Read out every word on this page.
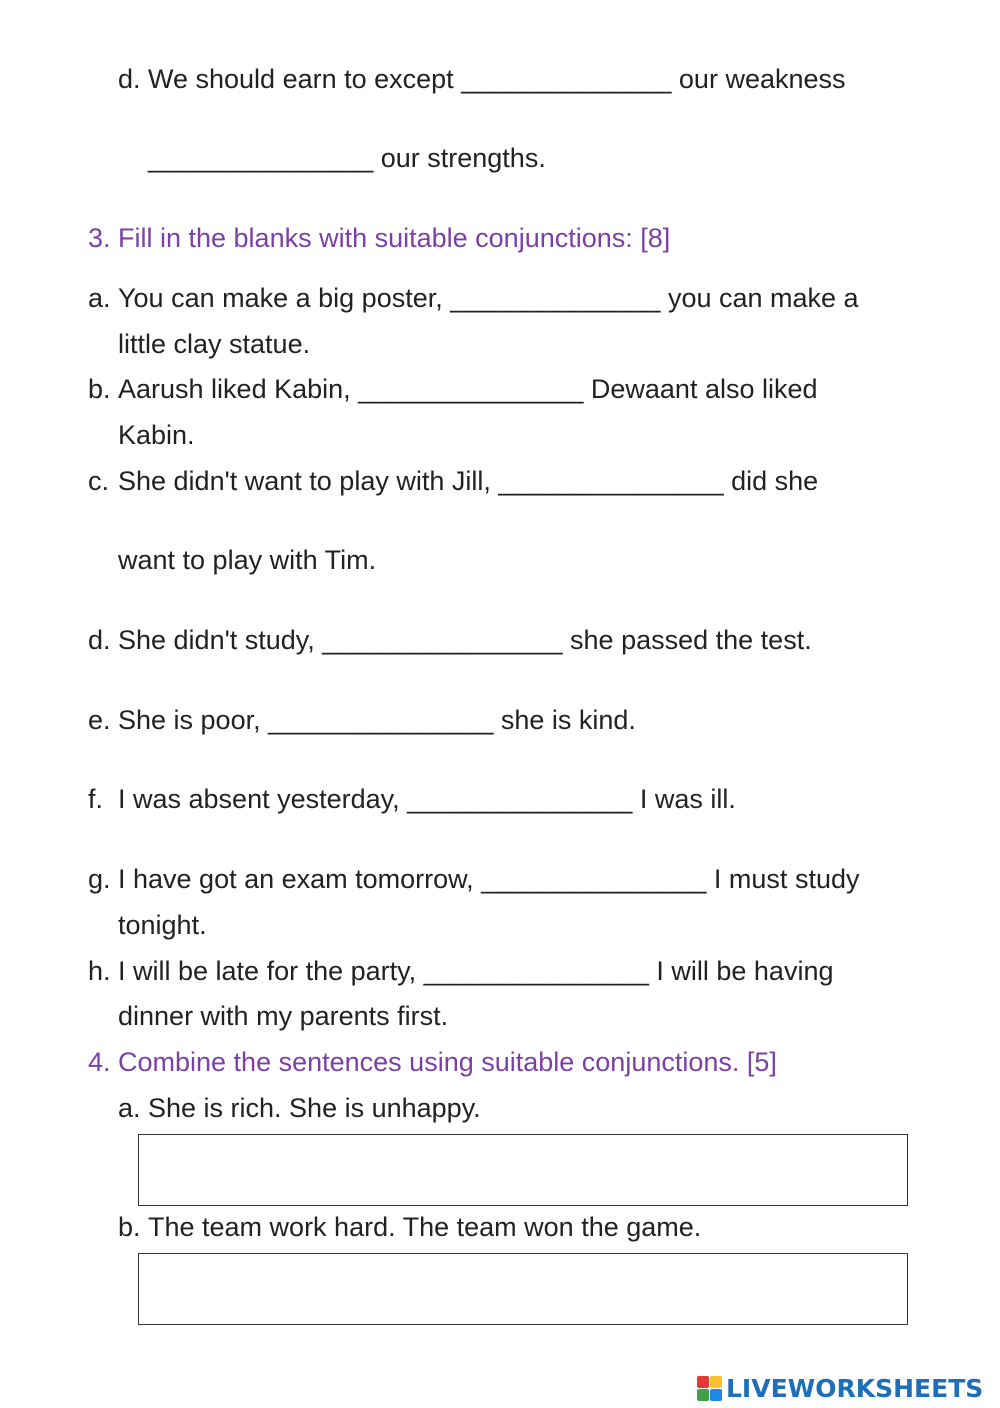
d. We should earn to except ______________ our weakness
_______________ our strengths.
3. Fill in the blanks with suitable conjunctions: [8]
a. You can make a big poster, ______________ you can make a
little clay statue.
b. Aarush liked Kabin, _______________ Dewaant also liked
Kabin.
c. She didn't want to play with Jill, _______________ did she
want to play with Tim.
d. She didn't study, ________________ she passed the test.
e. She is poor, _______________ she is kind.
f. I was absent yesterday, _______________ I was ill.
g. I have got an exam tomorrow, _______________ I must study
tonight.
h. I will be late for the party, _______________ I will be having
dinner with my parents first.
4. Combine the sentences using suitable conjunctions. [5]
a. She is rich. She is unhappy.
b. The team work hard. The team won the game.
LIVEWORKSHEETS
